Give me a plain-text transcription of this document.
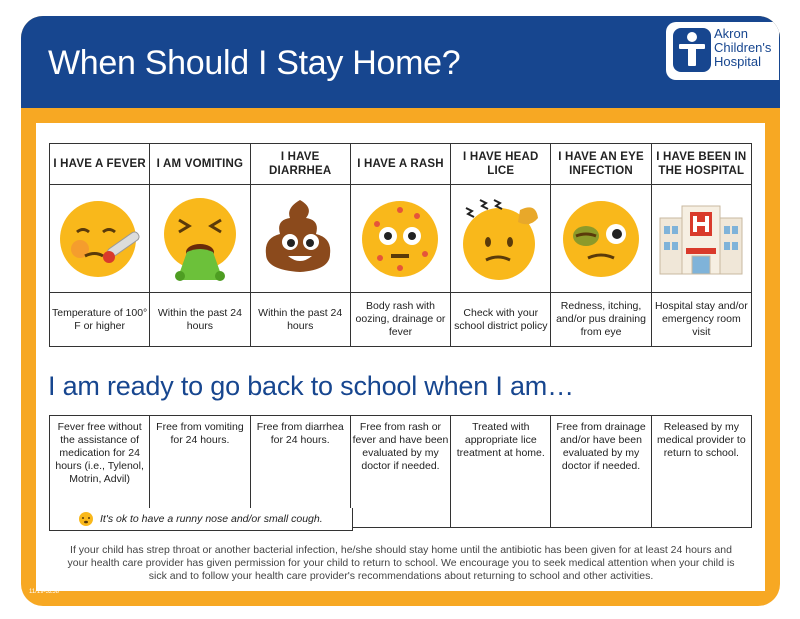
When Should I Stay Home?
Akron
Children's
Hospital
I HAVE A FEVER	I AM VOMITING	I HAVE DIARRHEA	I HAVE A RASH	I HAVE HEAD LICE	I HAVE AN EYE INFECTION	I HAVE BEEN IN THE HOSPITAL

Temperature of 100° F or higher	Within the past 24 hours	Within the past 24 hours	Body rash with oozing, drainage or fever	Check with your school district policy	Redness, itching, and/or pus draining from eye	Hospital stay and/or emergency room visit
I am ready to go back to school when I am…
Fever free without the assistance of medication for 24 hours (i.e., Tylenol, Motrin, Advil)	Free from vomiting for 24 hours.	Free from diarrhea for 24 hours.	Free from rash or fever and have been evaluated by my doctor if needed.	Treated with appropriate lice treatment at home.	Free from drainage and/or have been evaluated by my doctor if needed.	Released by my medical provider to return to school.
It's ok to have a runny nose and/or small cough.
If your child has strep throat or another bacterial infection, he/she should stay home until the antibiotic has been given for at least 24 hours and your health care provider has given permission for your child to return to school. We encourage you to seek medical attention when your child is sick and to follow your health care provider's recommendations about returning to school and other activities.
11/19-3258
